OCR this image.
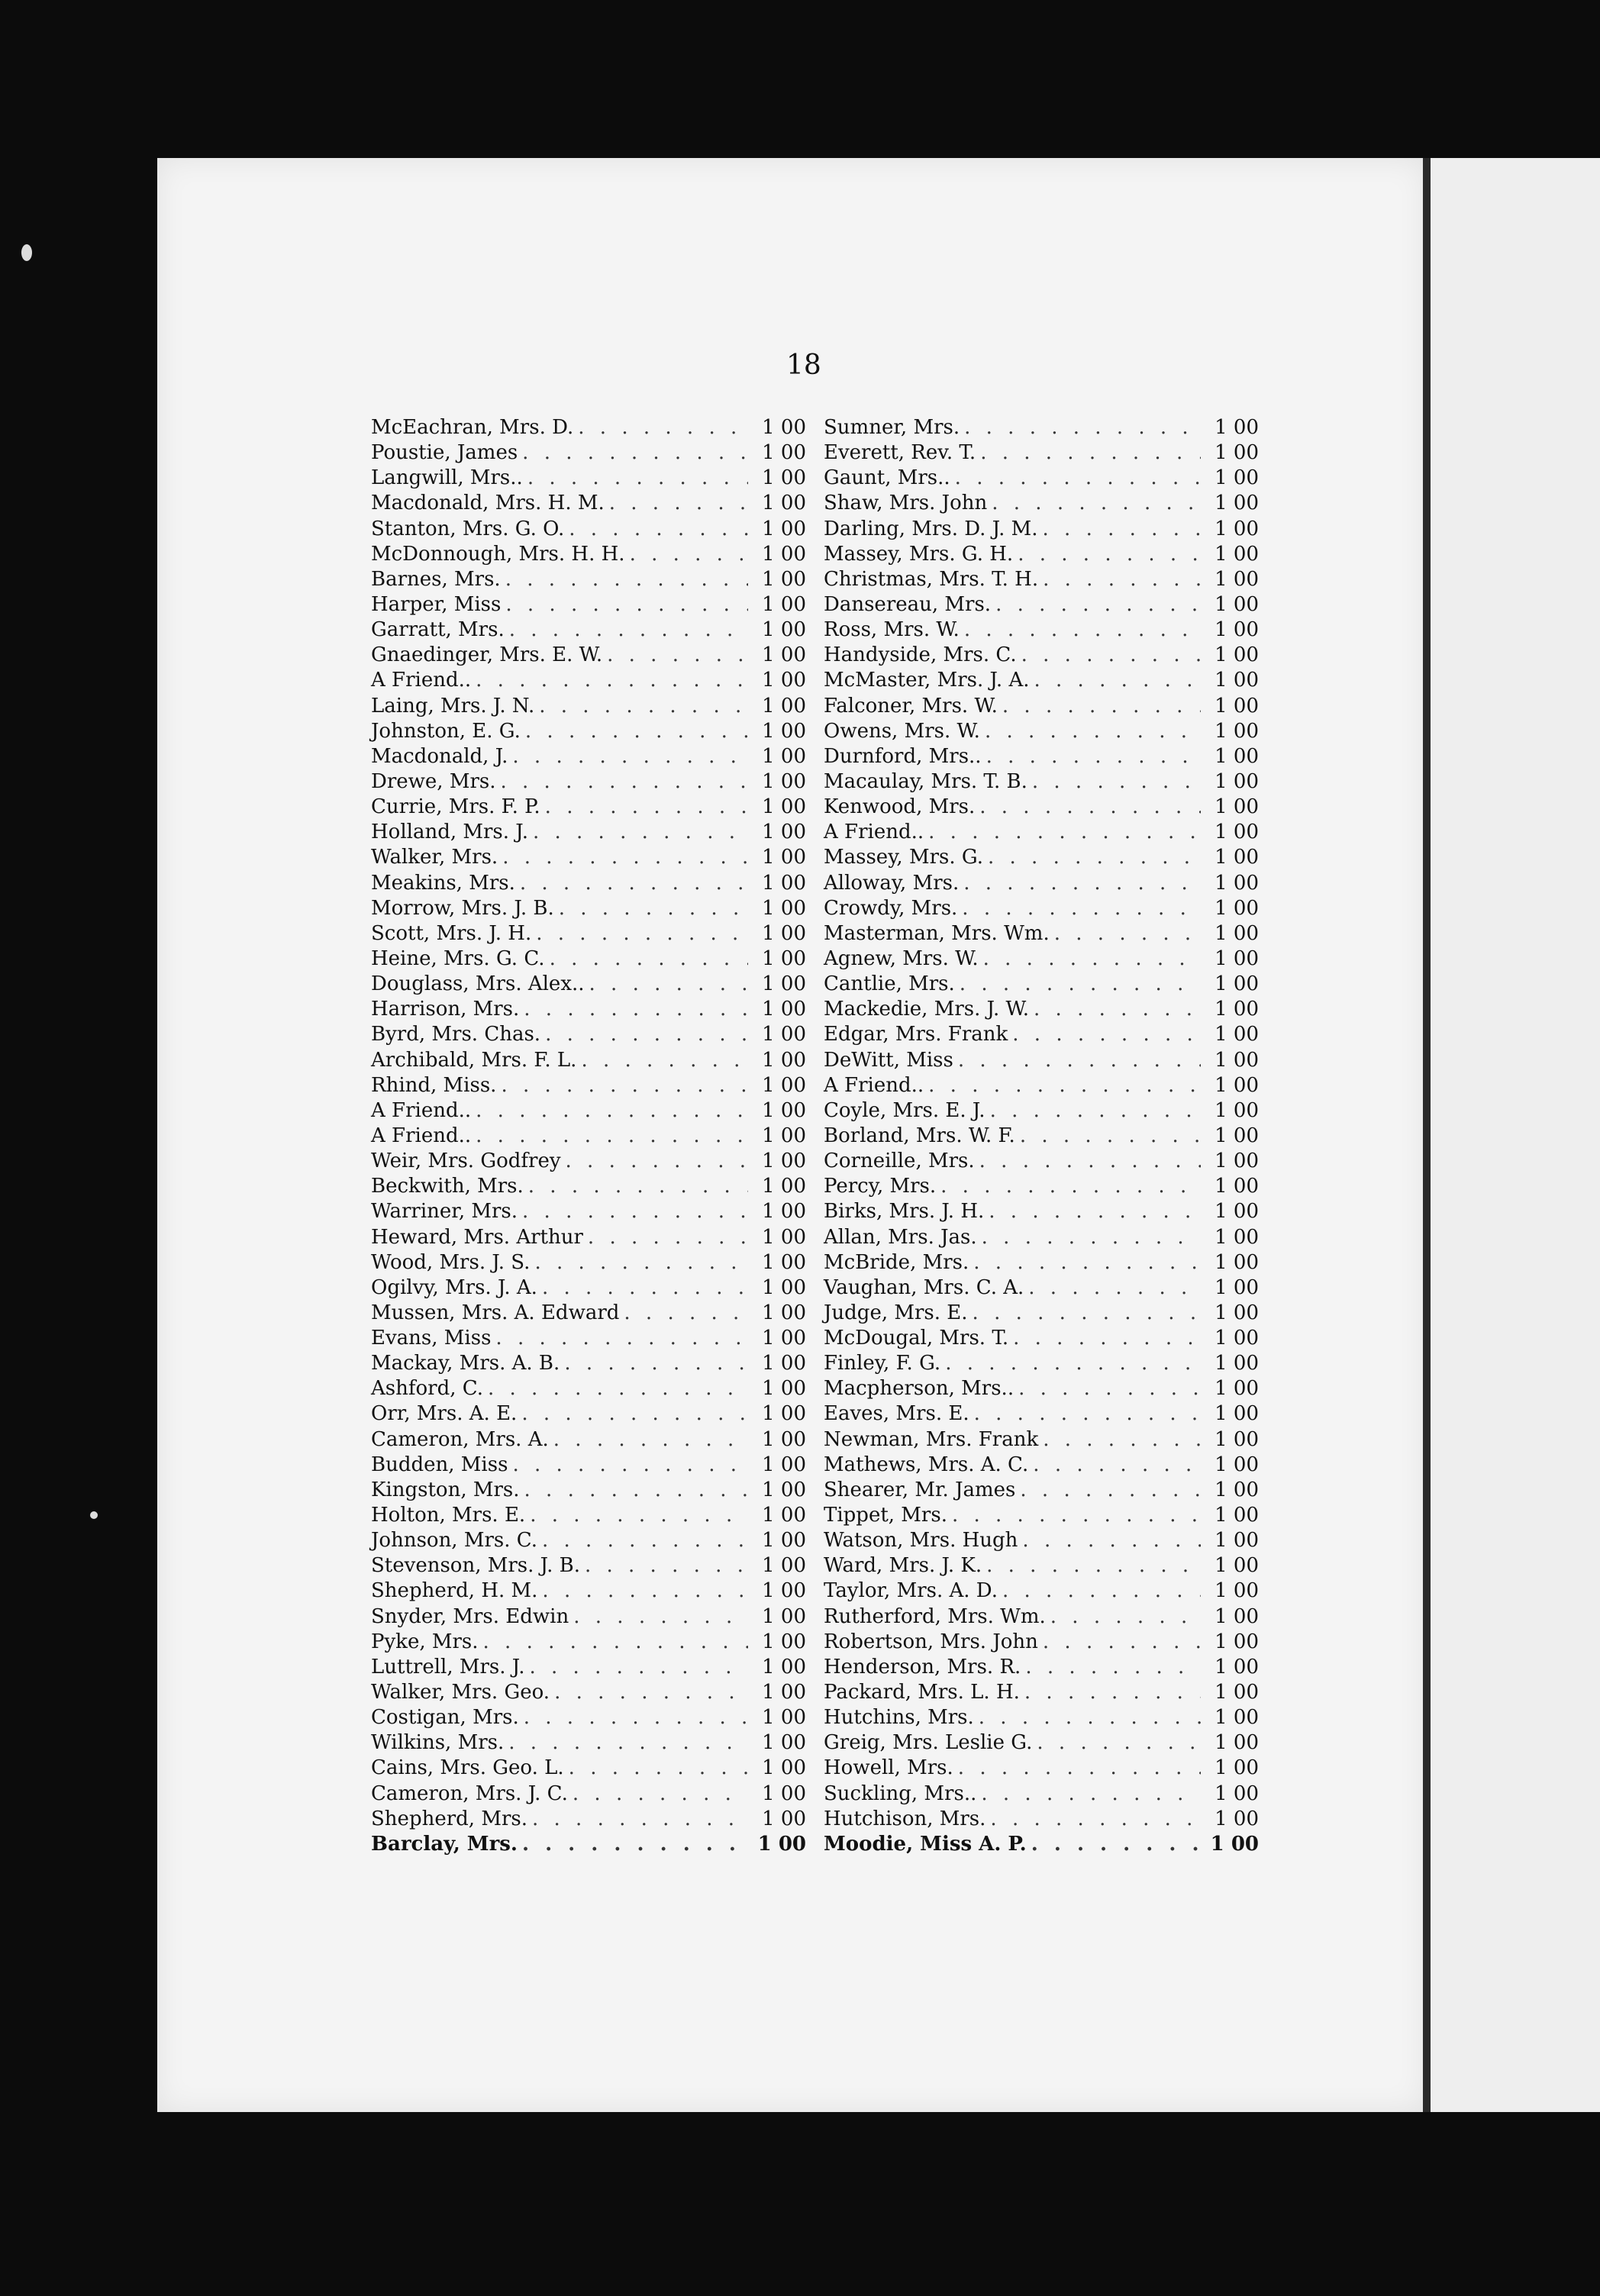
18
McEachran, Mrs. D. . . .	1 00
Poustie, James . . .	1 00
Langwill, Mrs.. . . .	1 00
Macdonald, Mrs. H. M. . . .	1 00
Stanton, Mrs. G. O. . . .	1 00
McDonnough, Mrs. H. H. . . .	1 00
Barnes, Mrs. . . .	1 00
Harper, Miss . . .	1 00
Garratt, Mrs. . . .	1 00
Gnaedinger, Mrs. E. W. . . .	1 00
A Friend.. . . .	1 00
Laing, Mrs. J. N. . . .	1 00
Johnston, E. G. . . .	1 00
Macdonald, J. . . .	1 00
Drewe, Mrs. . . .	1 00
Currie, Mrs. F. P. . . .	1 00
Holland, Mrs. J. . . .	1 00
Walker, Mrs. . . .	1 00
Meakins, Mrs. . . .	1 00
Morrow, Mrs. J. B. . . .	1 00
Scott, Mrs. J. H. . . .	1 00
Heine, Mrs. G. C. . . .	1 00
Douglass, Mrs. Alex.. . . .	1 00
Harrison, Mrs. . . .	1 00
Byrd, Mrs. Chas. . . .	1 00
Archibald, Mrs. F. L. . . .	1 00
Rhind, Miss. . . .	1 00
A Friend.. . . .	1 00
A Friend.. . . .	1 00
Weir, Mrs. Godfrey . . .	1 00
Beckwith, Mrs. . . .	1 00
Warriner, Mrs. . . .	1 00
Heward, Mrs. Arthur . . .	1 00
Wood, Mrs. J. S. . . .	1 00
Ogilvy, Mrs. J. A. . . .	1 00
Mussen, Mrs. A. Edward . . .	1 00
Evans, Miss . . .	1 00
Mackay, Mrs. A. B. . . .	1 00
Ashford, C. . . .	1 00
Orr, Mrs. A. E. . . .	1 00
Cameron, Mrs. A. . . .	1 00
Budden, Miss . . .	1 00
Kingston, Mrs. . . .	1 00
Holton, Mrs. E. . . .	1 00
Johnson, Mrs. C. . . .	1 00
Stevenson, Mrs. J. B. . . .	1 00
Shepherd, H. M. . . .	1 00
Snyder, Mrs. Edwin . . .	1 00
Pyke, Mrs. . . .	1 00
Luttrell, Mrs. J. . . .	1 00
Walker, Mrs. Geo. . . .	1 00
Costigan, Mrs. . . .	1 00
Wilkins, Mrs. . . .	1 00
Cains, Mrs. Geo. L. . . .	1 00
Cameron, Mrs. J. C. . . .	1 00
Shepherd, Mrs. . . .	1 00
Barclay, Mrs. . . .	1 00
Sumner, Mrs. . . .	1 00
Everett, Rev. T. . . .	1 00
Gaunt, Mrs.. . . .	1 00
Shaw, Mrs. John . . .	1 00
Darling, Mrs. D. J. M. . . .	1 00
Massey, Mrs. G. H. . . .	1 00
Christmas, Mrs. T. H. . . .	1 00
Dansereau, Mrs. . . .	1 00
Ross, Mrs. W. . . .	1 00
Handyside, Mrs. C. . . .	1 00
McMaster, Mrs. J. A. . . .	1 00
Falconer, Mrs. W. . . .	1 00
Owens, Mrs. W. . . .	1 00
Durnford, Mrs.. . . .	1 00
Macaulay, Mrs. T. B. . . .	1 00
Kenwood, Mrs. . . .	1 00
A Friend.. . . .	1 00
Massey, Mrs. G. . . .	1 00
Alloway, Mrs. . . .	1 00
Crowdy, Mrs. . . .	1 00
Masterman, Mrs. Wm. . . .	1 00
Agnew, Mrs. W. . . .	1 00
Cantlie, Mrs. . . .	1 00
Mackedie, Mrs. J. W. . . .	1 00
Edgar, Mrs. Frank . . .	1 00
DeWitt, Miss . . .	1 00
A Friend.. . . .	1 00
Coyle, Mrs. E. J. . . .	1 00
Borland, Mrs. W. F. . . .	1 00
Corneille, Mrs. . . .	1 00
Percy, Mrs. . . .	1 00
Birks, Mrs. J. H. . . .	1 00
Allan, Mrs. Jas. . . .	1 00
McBride, Mrs. . . .	1 00
Vaughan, Mrs. C. A. . . .	1 00
Judge, Mrs. E. . . .	1 00
McDougal, Mrs. T. . . .	1 00
Finley, F. G. . . .	1 00
Macpherson, Mrs.. . . .	1 00
Eaves, Mrs. E. . . .	1 00
Newman, Mrs. Frank . . .	1 00
Mathews, Mrs. A. C. . . .	1 00
Shearer, Mr. James . . .	1 00
Tippet, Mrs. . . .	1 00
Watson, Mrs. Hugh . . .	1 00
Ward, Mrs. J. K. . . .	1 00
Taylor, Mrs. A. D. . . .	1 00
Rutherford, Mrs. Wm. . . .	1 00
Robertson, Mrs. John . . .	1 00
Henderson, Mrs. R. . . .	1 00
Packard, Mrs. L. H. . . .	1 00
Hutchins, Mrs. . . .	1 00
Greig, Mrs. Leslie G. . . .	1 00
Howell, Mrs. . . .	1 00
Suckling, Mrs.. . . .	1 00
Hutchison, Mrs. . . .	1 00
Moodie, Miss A. P. . . .	1 00
